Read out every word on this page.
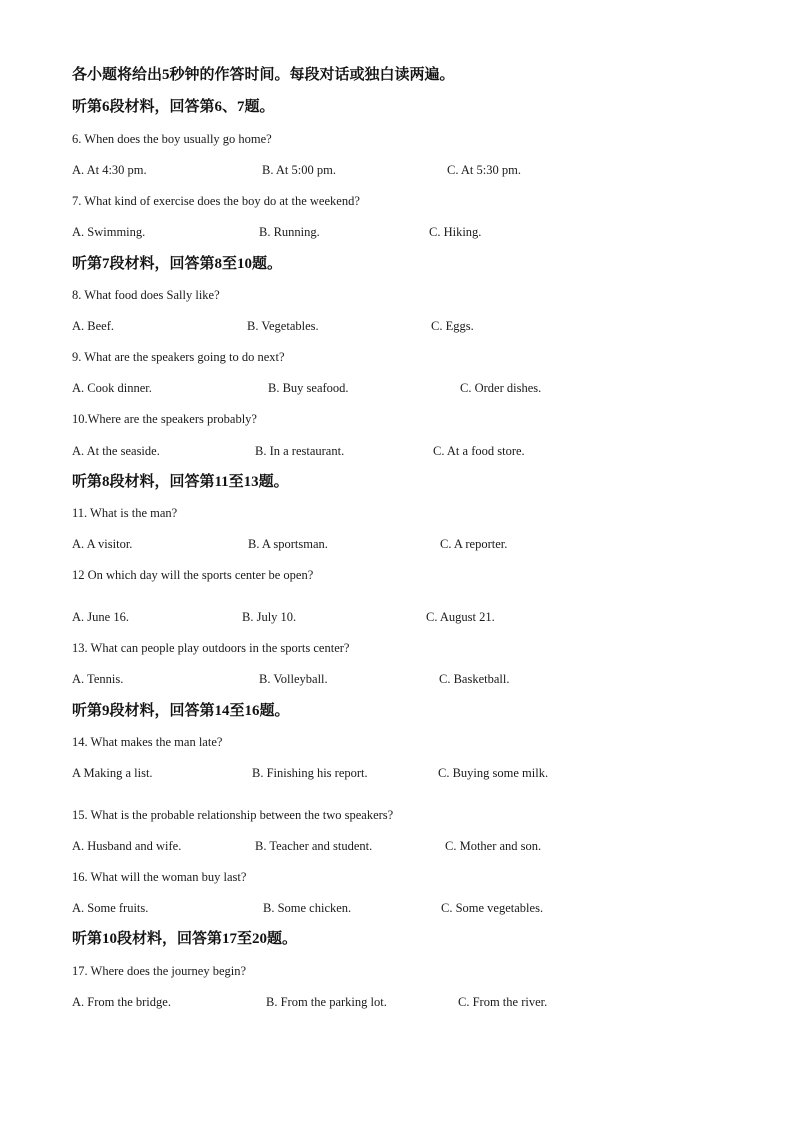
各小题将给出5秒钟的作答时间。每段对话或独白读两遍。
听第6段材料，回答第6、7题。
6. When does the boy usually go home?
A. At 4:30 pm.	B. At 5:00 pm.	C. At 5:30 pm.
7. What kind of exercise does the boy do at the weekend?
A. Swimming.	B. Running.	C. Hiking.
听第7段材料，回答第8至10题。
8. What food does Sally like?
A. Beef.	B. Vegetables.	C. Eggs.
9. What are the speakers going to do next?
A. Cook dinner.	B. Buy seafood.	C. Order dishes.
10.Where are the speakers probably?
A. At the seaside.	B. In a restaurant.	C. At a food store.
听第8段材料，回答第11至13题。
11. What is the man?
A. A visitor.	B. A sportsman.	C. A reporter.
12 On which day will the sports center be open?
A. June 16.	B. July 10.	C. August 21.
13. What can people play outdoors in the sports center?
A. Tennis.	B. Volleyball.	C. Basketball.
听第9段材料，回答第14至16题。
14. What makes the man late?
A Making a list.	B. Finishing his report.	C. Buying some milk.
15. What is the probable relationship between the two speakers?
A. Husband and wife.	B. Teacher and student.	C. Mother and son.
16. What will the woman buy last?
A. Some fruits.	B. Some chicken.	C. Some vegetables.
听第10段材料，回答第17至20题。
17. Where does the journey begin?
A. From the bridge.	B. From the parking lot.	C. From the river.
